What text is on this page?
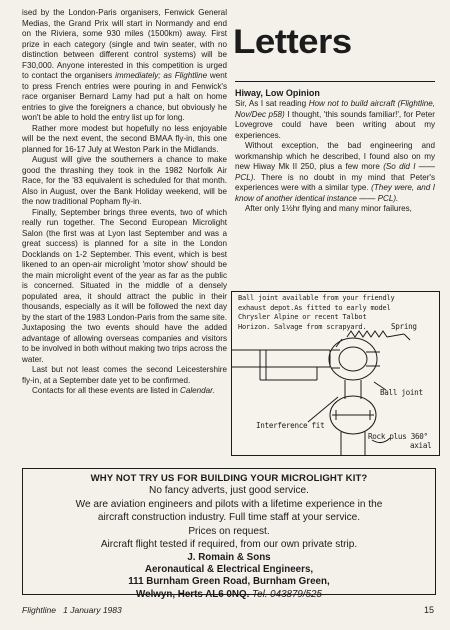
ised by the London-Paris organisers, Fenwick General Medias, the Grand Prix will start in Normandy and end on the Riviera, some 930 miles (1500km) away. First prize in each category (single and twin seater, with no distinction between different control systems) will be F30,000. Anyone interested in this competition is urged to contact the organisers immediately; as Flightline went to press French entries were pouring in and Fenwick's race organiser Bernard Lamy had put a halt on home entries to give the foreigners a chance, but obviously he won't be able to hold the entry list up for long.

Rather more modest but hopefully no less enjoyable will be the next event, the second BMAA fly-in, this one planned for 16-17 July at Weston Park in the Midlands.

August will give the southerners a chance to make good the thrashing they took in the 1982 Norfolk Air Race, for the '83 equivalent is scheduled for that month. Also in August, over the Bank Holiday weekend, will be the now traditional Popham fly-in.

Finally, September brings three events, two of which really run together. The Second European Microlight Salon (the first was at Lyon last September and was a great success) is planned for a site in the London Docklands on 1-2 September. This event, which is best likened to an open-air microlight 'motor show' should be the main microlight event of the year as far as the public is concerned. Situated in the middle of a densely populated area, it should attract the public in their thousands, especially as it will be followed the next day by the start of the 1983 London-Paris from the same site. Juxtaposing the two events should have the added advantage of allowing overseas companies and visitors to be involved in both without making two trips across the water.

Last but not least comes the second Leicestershire fly-in, at a September date yet to be confirmed.

Contacts for all these events are listed in Calendar.

Letters
Hiway, Low Opinion

Sir, As I sat reading How not to build aircraft (Flightline, Nov/Dec p58) I thought, 'this sounds familiar!', for Peter Lovegrove could have been writing about my experiences.

Without exception, the bad engineering and workmanship which he described, I found also on my new Hiway Mk II 250, plus a few more (So did I —— PCL). There is no doubt in my mind that Peter's experiences were with a similar type. (They were, and I know of another identical instance —— PCL).

After only 1½hr flying and many minor failures,

Ball joint available from your friendly
exhaust depot.As fitted to early model
Chrysler Alpine or recent Talbot
Horizon. Salvage from scrapyard.	Spring
Ball joint
Interference fit
Rock plus 360°
axial
WHY NOT TRY US FOR BUILDING YOUR MICROLIGHT KIT?
No fancy adverts, just good service.
We are aviation engineers and pilots with a lifetime experience in the
aircraft construction industry. Full time staff at your service.
Prices on request.
Aircraft flight tested if required, from our own private strip.
J. Romain & Sons
Aeronautical & Electrical Engineers,
111 Burnham Green Road, Burnham Green,
Welwyn, Herts AL6 0NQ. Tel. 043879/525
Flightline 1 January 1983	15
